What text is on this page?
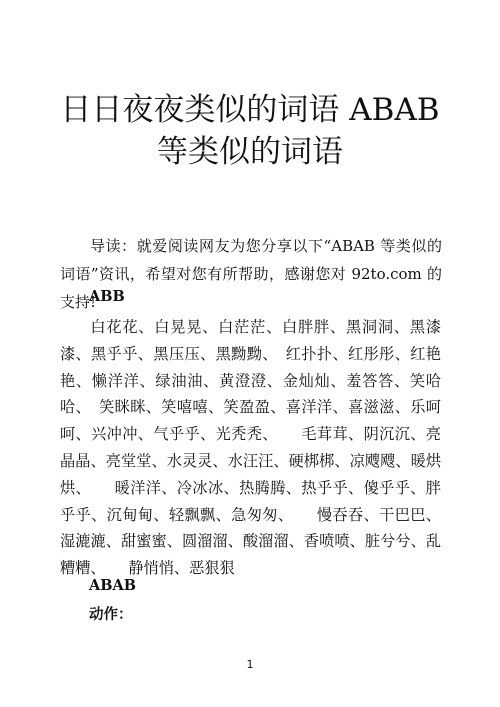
日日夜夜类似的词语 ABAB
等类似的词语

导读：就爱阅读网友为您分享以下“ABAB 等类似的词语”资讯，希望对您有所帮助，感谢您对 92to.com 的支持!

ABB

白花花、白晃晃、白茫茫、白胖胖、黑洞洞、黑漆漆、黑乎乎、黑压压、黑黝黝、　红扑扑、红彤彤、红艳艳、懒洋洋、绿油油、黄澄澄、金灿灿、羞答答、笑哈哈、　笑眯眯、笑嘻嘻、笑盈盈、喜洋洋、喜滋滋、乐呵呵、兴冲冲、气乎乎、光秃秃、　　毛茸茸、阴沉沉、亮晶晶、亮堂堂、水灵灵、水汪汪、硬梆梆、凉飕飕、暖烘烘、　　暖洋洋、冷冰冰、热腾腾、热乎乎、傻乎乎、胖乎乎、沉甸甸、轻飘飘、急匆匆、　　慢吞吞、干巴巴、湿漉漉、甜蜜蜜、圆溜溜、酸溜溜、香喷喷、脏兮兮、乱糟糟、　　静悄悄、恶狠狠

ABAB
动作：
1
